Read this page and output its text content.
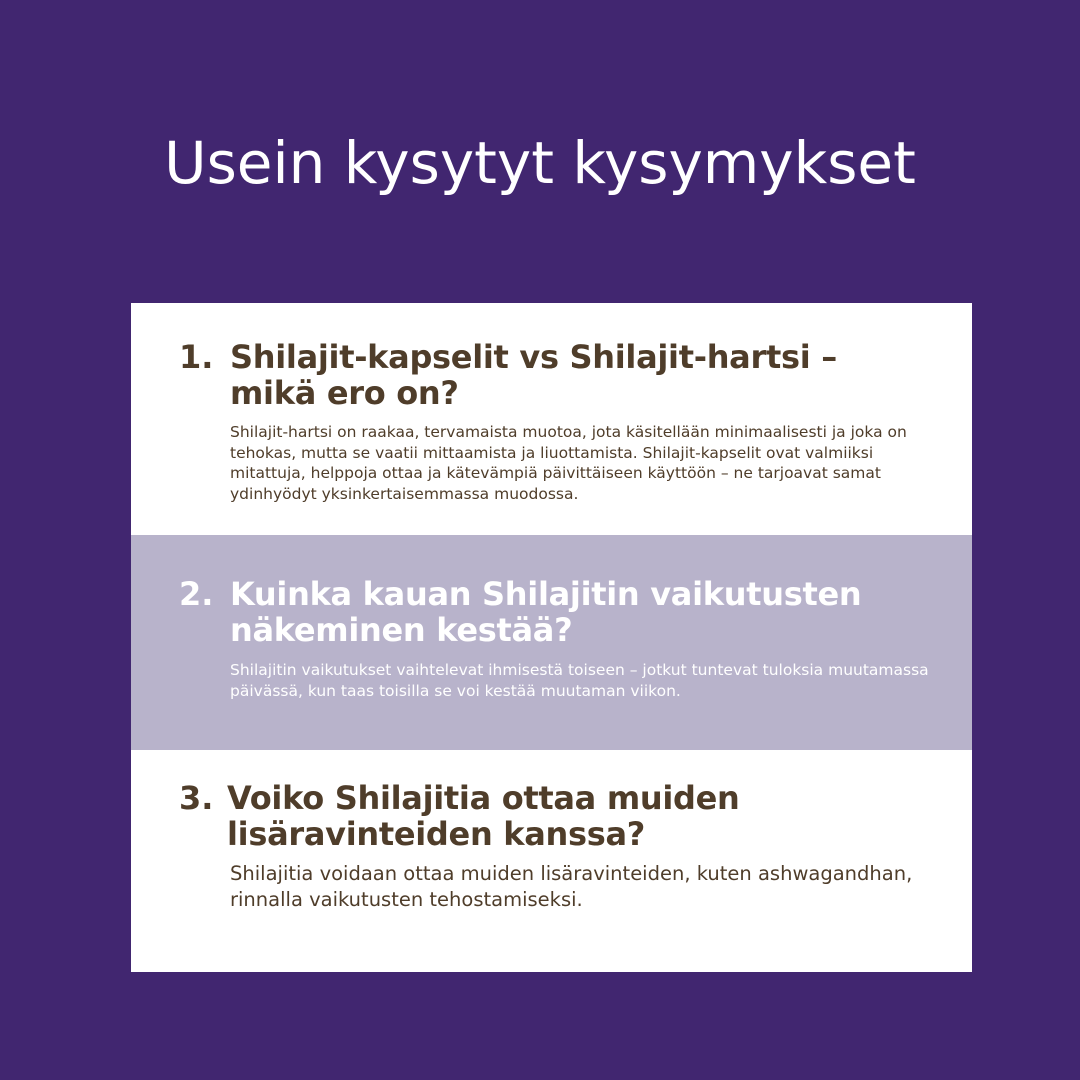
Usein kysytyt kysymykset
1. Shilajit-kapselit vs Shilajit-hartsi – mikä ero on?
Shilajit-hartsi on raakaa, tervamaista muotoa, jota käsitellään minimaalisesti ja joka on tehokas, mutta se vaatii mittaamista ja liuottamista. Shilajit-kapselit ovat valmiiksi mitattuja, helppoja ottaa ja kätevämpiä päivittäiseen käyttöön – ne tarjoavat samat ydinhyödyt yksinkertaisemmassa muodossa.
2. Kuinka kauan Shilajitin vaikutusten näkeminen kestää?
Shilajitin vaikutukset vaihtelevat ihmisestä toiseen – jotkut tuntevat tuloksia muutamassa päivässä, kun taas toisilla se voi kestää muutaman viikon.
3. Voiko Shilajitia ottaa muiden lisäravinteiden kanssa?
Shilajitia voidaan ottaa muiden lisäravinteiden, kuten ashwagandhan, rinnalla vaikutusten tehostamiseksi.
